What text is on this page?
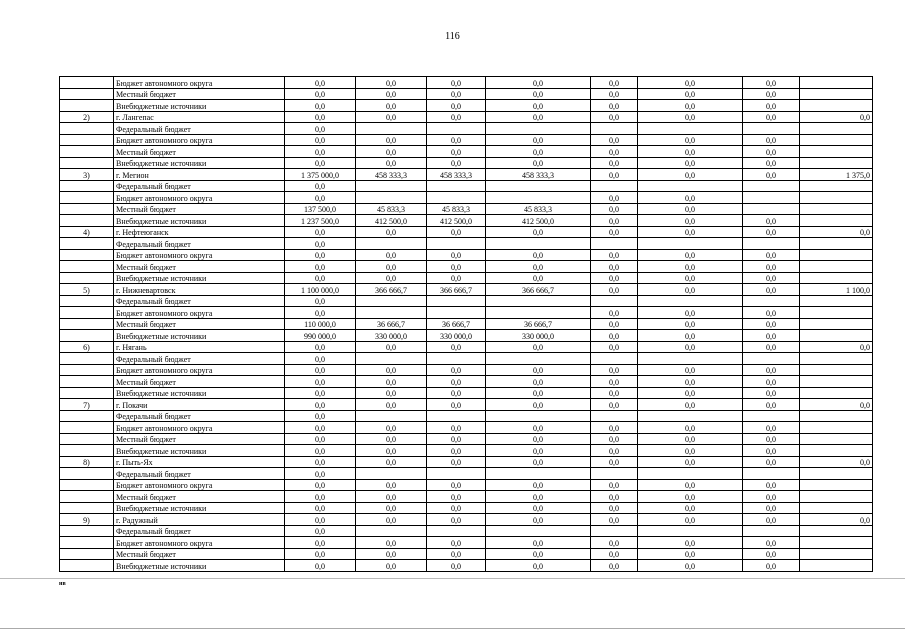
116
	Бюджет автономного округа	0,0	0,0	0,0	0,0	0,0	0,0	0,0	
	Местный бюджет	0,0	0,0	0,0	0,0	0,0	0,0	0,0	
	Внебюджетные источники	0,0	0,0	0,0	0,0	0,0	0,0	0,0	
2)	г. Лангепас	0,0	0,0	0,0	0,0	0,0	0,0	0,0	0,0
	Федеральный бюджет	0,0							
	Бюджет автономного округа	0,0	0,0	0,0	0,0	0,0	0,0	0,0	
	Местный бюджет	0,0	0,0	0,0	0,0	0,0	0,0	0,0	
	Внебюджетные источники	0,0	0,0	0,0	0,0	0,0	0,0	0,0	
3)	г. Мегион	1 375 000,0	458 333,3	458 333,3	458 333,3	0,0	0,0	0,0	1 375,0
	Федеральный бюджет	0,0							
	Бюджет автономного округа	0,0				0,0	0,0		
	Местный бюджет	137 500,0	45 833,3	45 833,3	45 833,3	0,0	0,0		
	Внебюджетные источники	1 237 500,0	412 500,0	412 500,0	412 500,0	0,0	0,0	0,0	
4)	г. Нефтеюганск	0,0	0,0	0,0	0,0	0,0	0,0	0,0	0,0
	Федеральный бюджет	0,0							
	Бюджет автономного округа	0,0	0,0	0,0	0,0	0,0	0,0	0,0	
	Местный бюджет	0,0	0,0	0,0	0,0	0,0	0,0	0,0	
	Внебюджетные источники	0,0	0,0	0,0	0,0	0,0	0,0	0,0	
5)	г. Нижневартовск	1 100 000,0	366 666,7	366 666,7	366 666,7	0,0	0,0	0,0	1 100,0
	Федеральный бюджет	0,0							
	Бюджет автономного округа	0,0				0,0	0,0	0,0	
	Местный бюджет	110 000,0	36 666,7	36 666,7	36 666,7	0,0	0,0	0,0	
	Внебюджетные источники	990 000,0	330 000,0	330 000,0	330 000,0	0,0	0,0	0,0	
6)	г. Нягань	0,0	0,0	0,0	0,0	0,0	0,0	0,0	0,0
	Федеральный бюджет	0,0							
	Бюджет автономного округа	0,0	0,0	0,0	0,0	0,0	0,0	0,0	
	Местный бюджет	0,0	0,0	0,0	0,0	0,0	0,0	0,0	
	Внебюджетные источники	0,0	0,0	0,0	0,0	0,0	0,0	0,0	
7)	г. Покачи	0,0	0,0	0,0	0,0	0,0	0,0	0,0	0,0
	Федеральный бюджет	0,0							
	Бюджет автономного округа	0,0	0,0	0,0	0,0	0,0	0,0	0,0	
	Местный бюджет	0,0	0,0	0,0	0,0	0,0	0,0	0,0	
	Внебюджетные источники	0,0	0,0	0,0	0,0	0,0	0,0	0,0	
8)	г. Пыть-Ях	0,0	0,0	0,0	0,0	0,0	0,0	0,0	0,0
	Федеральный бюджет	0,0							
	Бюджет автономного округа	0,0	0,0	0,0	0,0	0,0	0,0	0,0	
	Местный бюджет	0,0	0,0	0,0	0,0	0,0	0,0	0,0	
	Внебюджетные источники	0,0	0,0	0,0	0,0	0,0	0,0	0,0	
9)	г. Радужный	0,0	0,0	0,0	0,0	0,0	0,0	0,0	0,0
	Федеральный бюджет	0,0							
	Бюджет автономного округа	0,0	0,0	0,0	0,0	0,0	0,0	0,0	
	Местный бюджет	0,0	0,0	0,0	0,0	0,0	0,0	0,0	
	Внебюджетные источники	0,0	0,0	0,0	0,0	0,0	0,0	0,0	
нв
